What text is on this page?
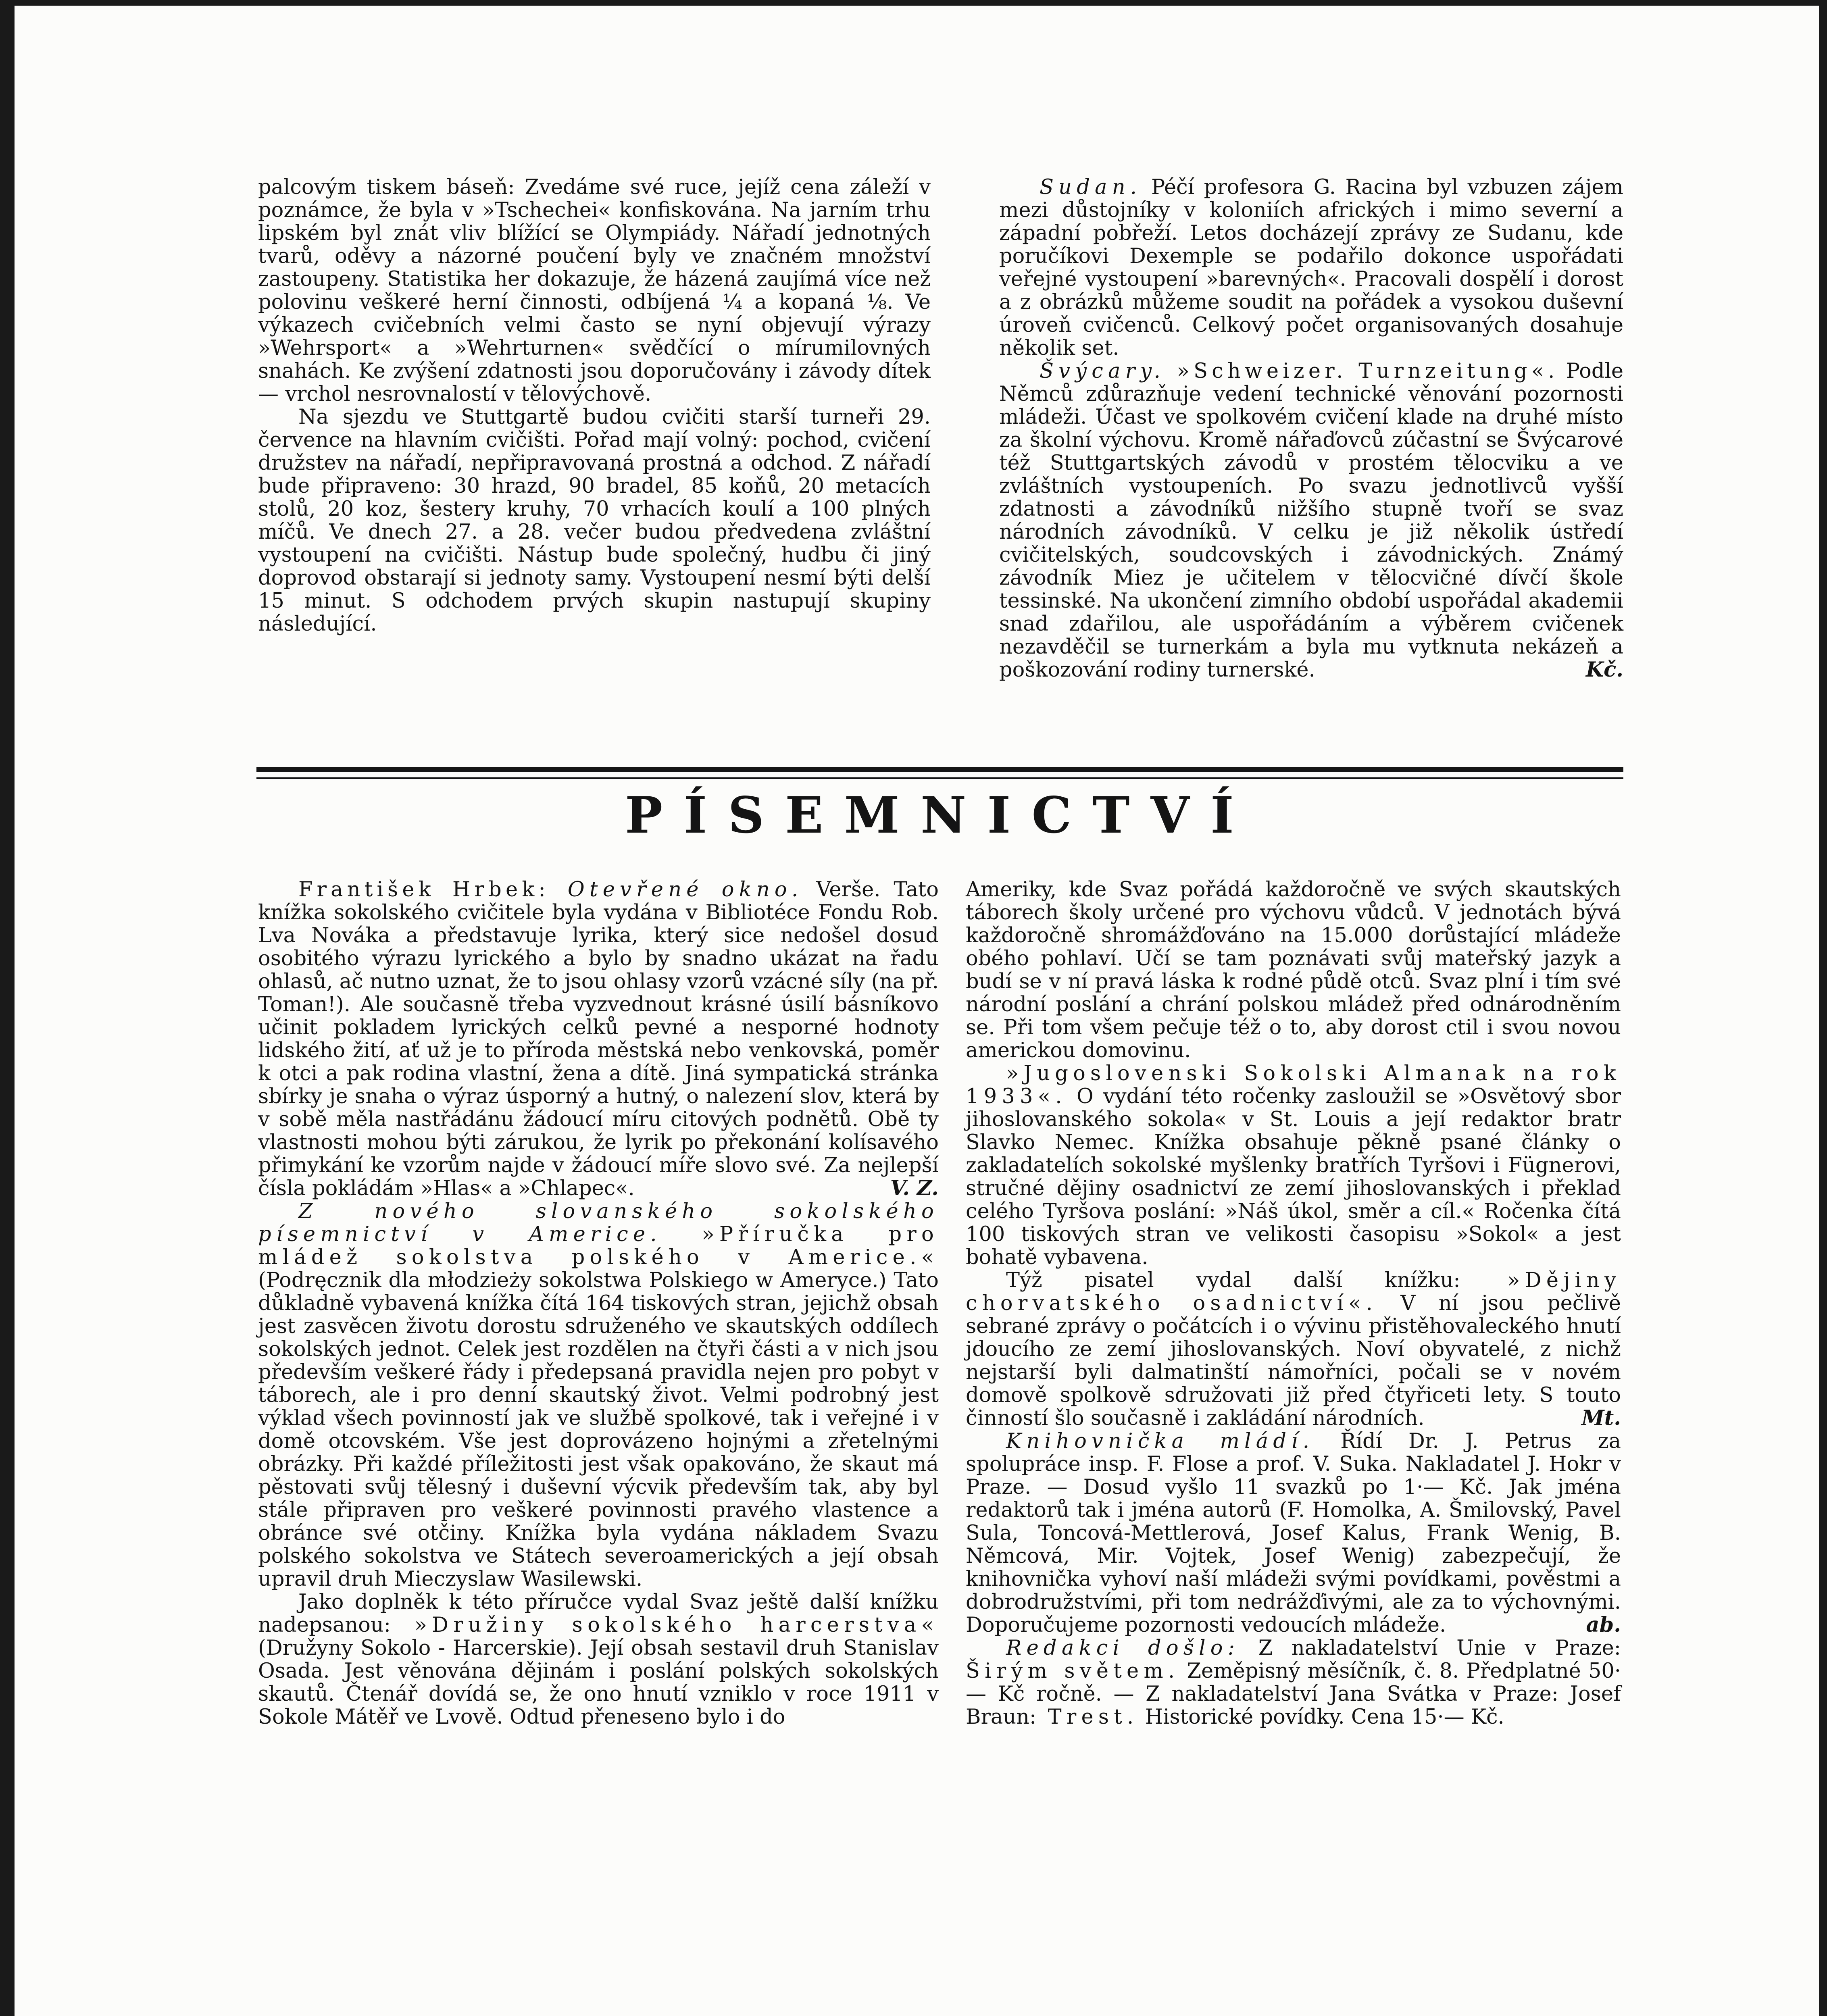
palcovým tiskem báseň: Zvedáme své ruce, jejíž cena záleží v poznámce, že byla v »Tschechei« konfiskována. Na jarním trhu lipském byl znát vliv blížící se Olympiády. Nářadí jednotných tvarů, oděvy a názorné poučení byly ve značném množství zastoupeny. Statistika her dokazuje, že házená zaujímá více než polovinu veškeré herní činnosti, odbíjená ¼ a kopaná ⅛. Ve výkazech cvičebních velmi často se nyní objevují výrazy »Wehrsport« a »Wehrturnen« svědčící o mírumilovných snahách. Ke zvýšení zdatnosti jsou doporučovány i závody dítek — vrchol nesrovnalostí v tělovýchově.

Na sjezdu ve Stuttgartě budou cvičiti starší turneři 29. července na hlavním cvičišti. Pořad mají volný: pochod, cvičení družstev na nářadí, nepřipravovaná prostná a odchod. Z nářadí bude připraveno: 30 hrazd, 90 bradel, 85 koňů, 20 metacích stolů, 20 koz, šestery kruhy, 70 vrhacích koulí a 100 plných míčů. Ve dnech 27. a 28. večer budou předvedena zvláštní vystoupení na cvičišti. Nástup bude společný, hudbu či jiný doprovod obstarají si jednoty samy. Vystoupení nesmí býti delší 15 minut. S odchodem prvých skupin nastupují skupiny následující.

Sudan. Péčí profesora G. Racina byl vzbuzen zájem mezi důstojníky v koloniích afrických i mimo severní a západní pobřeží. Letos docházejí zprávy ze Sudanu, kde poručíkovi Dexemple se podařilo dokonce uspořádati veřejné vystoupení »barevných«. Pracovali dospělí i dorost a z obrázků můžeme soudit na pořádek a vysokou duševní úroveň cvičenců. Celkový počet organisovaných dosahuje několik set.

Švýcary. »Schweizer. Turnzeitung«. Podle Němců zdůrazňuje vedení technické věnování pozornosti mládeži. Účast ve spolkovém cvičení klade na druhé místo za školní výchovu. Kromě nářaďovců zúčastní se Švýcarové též Stuttgartských závodů v prostém tělocviku a ve zvláštních vystoupeních. Po svazu jednotlivců vyšší zdatnosti a závodníků nižšího stupně tvoří se svaz národních závodníků. V celku je již několik ústředí cvičitelských, soudcovských i závodnických. Známý závodník Miez je učitelem v tělocvičné dívčí škole tessinské. Na ukončení zimního období uspořádal akademii snad zdařilou, ale uspořádáním a výběrem cvičenek nezavděčil se turnerkám a byla mu vytknuta nekázeň a poškozování rodiny turnerské.	Kč.

PÍSEMNICTVÍ

František Hrbek: Otevřené okno. Verše. Tato knížka sokolského cvičitele byla vydána v Bibliotéce Fondu Rob. Lva Nováka a představuje lyrika, který sice nedošel dosud osobitého výrazu lyrického a bylo by snadno ukázat na řadu ohlasů, ač nutno uznat, že to jsou ohlasy vzorů vzácné síly (na př. Toman!). Ale současně třeba vyzvednout krásné úsilí básníkovo učinit pokladem lyrických celků pevné a nesporné hodnoty lidského žití, ať už je to příroda městská nebo venkovská, poměr k otci a pak rodina vlastní, žena a dítě. Jiná sympatická stránka sbírky je snaha o výraz úsporný a hutný, o nalezení slov, která by v sobě měla nastřádánu žádoucí míru citových podnětů. Obě ty vlastnosti mohou býti zárukou, že lyrik po překonání kolísavého přimykání ke vzorům najde v žádoucí míře slovo své. Za nejlepší čísla pokládám »Hlas« a »Chlapec«.	V. Z.

Z nového slovanského sokolského písemnictví v Americe. »Příručka pro mládež sokolstva polského v Americe.« (Podręcznik dla młodzieży sokolstwa Polskiego w Ameryce.) Tato důkladně vybavená knížka čítá 164 tiskových stran, jejichž obsah jest zasvěcen životu dorostu sdruženého ve skautských oddílech sokolských jednot. Celek jest rozdělen na čtyři části a v nich jsou především veškeré řády i předepsaná pravidla nejen pro pobyt v táborech, ale i pro denní skautský život. Velmi podrobný jest výklad všech povinností jak ve službě spolkové, tak i veřejné i v domě otcovském. Vše jest doprovázeno hojnými a zřetelnými obrázky. Při každé příležitosti jest však opakováno, že skaut má pěstovati svůj tělesný i duševní výcvik především tak, aby byl stále připraven pro veškeré povinnosti pravého vlastence a obránce své otčiny. Knížka byla vydána nákladem Svazu polského sokolstva ve Státech severoamerických a její obsah upravil druh Mieczyslaw Wasilewski.

Jako doplněk k této příručce vydal Svaz ještě další knížku nadepsanou: »Družiny sokolského harcerstva« (Družyny Sokolo - Harcerskie). Její obsah sestavil druh Stanislav Osada. Jest věnována dějinám i poslání polských sokolských skautů. Čtenář dovídá se, že ono hnutí vzniklo v roce 1911 v Sokole Mátěř ve Lvově. Odtud přeneseno bylo i do

Ameriky, kde Svaz pořádá každoročně ve svých skautských táborech školy určené pro výchovu vůdců. V jednotách bývá každoročně shromážďováno na 15.000 dorůstající mládeže obého pohlaví. Učí se tam poznávati svůj mateřský jazyk a budí se v ní pravá láska k rodné půdě otců. Svaz plní i tím své národní poslání a chrání polskou mládež před odnárodněním se. Při tom všem pečuje též o to, aby dorost ctil i svou novou americkou domovinu.

»Jugoslovenski Sokolski Almanak na rok 1933«. O vydání této ročenky zasloužil se »Osvětový sbor jihoslovanského sokola« v St. Louis a její redaktor bratr Slavko Nemec. Knížka obsahuje pěkně psané články o zakladatelích sokolské myšlenky bratřích Tyršovi i Fügnerovi, stručné dějiny osadnictví ze zemí jihoslovanských i překlad celého Tyršova poslání: »Náš úkol, směr a cíl.« Ročenka čítá 100 tiskových stran ve velikosti časopisu »Sokol« a jest bohatě vybavena.

Týž pisatel vydal další knížku: »Dějiny chorvatského osadnictví«. V ní jsou pečlivě sebrané zprávy o počátcích i o vývinu přistěhovaleckého hnutí jdoucího ze zemí jihoslovanských. Noví obyvatelé, z nichž nejstarší byli dalmatinští námořníci, počali se v novém domově spolkově sdružovati již před čtyřiceti lety. S touto činností šlo současně i zakládání národních.	Mt.

Knihovnička mládí. Řídí Dr. J. Petrus za spolupráce insp. F. Flose a prof. V. Suka. Nakladatel J. Hokr v Praze. — Dosud vyšlo 11 svazků po 1·— Kč. Jak jména redaktorů tak i jména autorů (F. Homolka, A. Šmilovský, Pavel Sula, Toncová-Mettlerová, Josef Kalus, Frank Wenig, B. Němcová, Mir. Vojtek, Josef Wenig) zabezpečují, že knihovnička vyhoví naší mládeži svými povídkami, pověstmi a dobrodružstvími, při tom nedrážďivými, ale za to výchovnými. Doporučujeme pozornosti vedoucích mládeže.	ab.

Redakci došlo: Z nakladatelství Unie v Praze: Širým světem. Zeměpisný měsíčník, č. 8. Předplatné 50·— Kč ročně. — Z nakladatelství Jana Svátka v Praze: Josef Braun: Trest. Historické povídky. Cena 15·— Kč.
